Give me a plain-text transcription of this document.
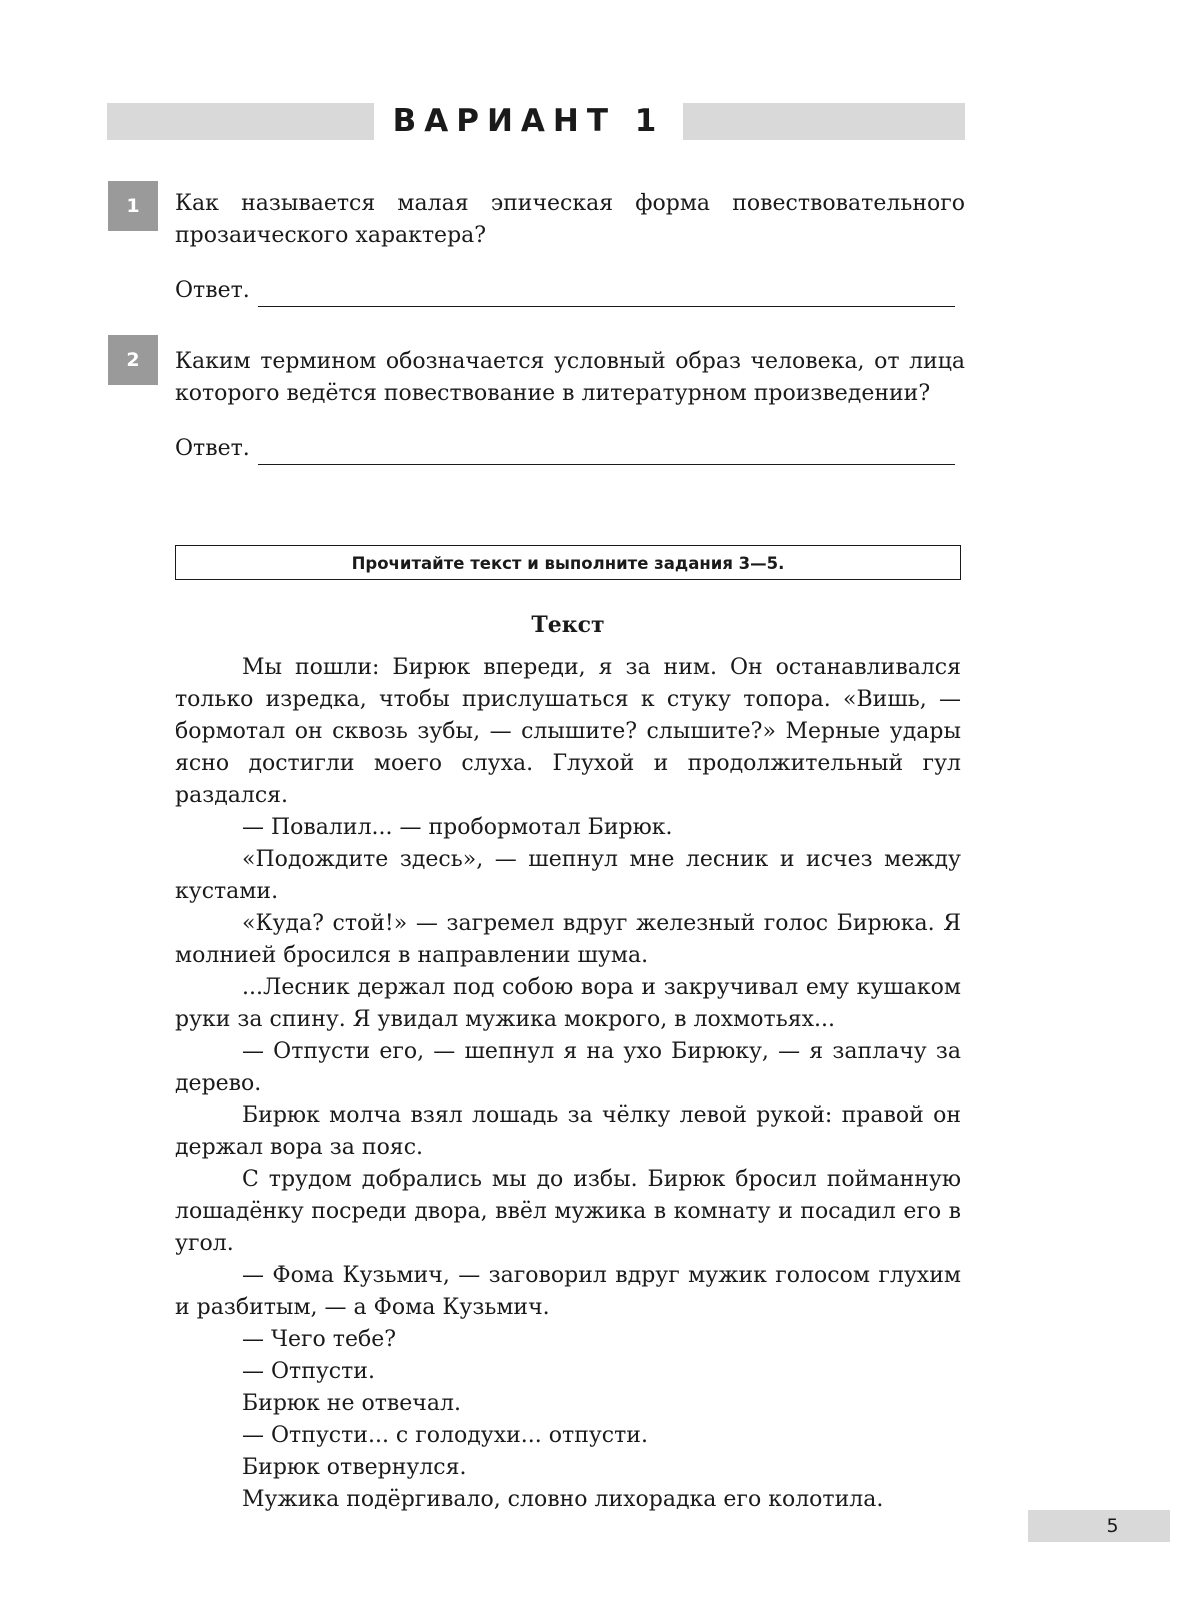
ВАРИАНТ 1
1	Как называется малая эпическая форма повествовательного прозаического характера?
Ответ.
2	Каким термином обозначается условный образ человека, от лица которого ведётся повествование в литературном произведении?
Ответ.
Прочитайте текст и выполните задания 3—5.
Текст

Мы пошли: Бирюк впереди, я за ним. Он останавливался только изредка, чтобы прислушаться к стуку топора. «Вишь, — бормотал он сквозь зубы, — слышите? слышите?» Мерные удары ясно достигли моего слуха. Глухой и продолжительный гул раздался.

— Повалил... — пробормотал Бирюк.

«Подождите здесь», — шепнул мне лесник и исчез между кустами.

«Куда? стой!» — загремел вдруг железный голос Бирюка. Я молнией бросился в направлении шума.

...Лесник держал под собою вора и закручивал ему кушаком руки за спину. Я увидал мужика мокрого, в лохмотьях...

— Отпусти его, — шепнул я на ухо Бирюку, — я заплачу за дерево.

Бирюк молча взял лошадь за чёлку левой рукой: правой он держал вора за пояс.

С трудом добрались мы до избы. Бирюк бросил пойманную лошадёнку посреди двора, ввёл мужика в комнату и посадил его в угол.

— Фома Кузьмич, — заговорил вдруг мужик голосом глухим и разбитым, — а Фома Кузьмич.

— Чего тебе?

— Отпусти.

Бирюк не отвечал.

— Отпусти... с голодухи... отпусти.

Бирюк отвернулся.

Мужика подёргивало, словно лихорадка его колотила.

5
